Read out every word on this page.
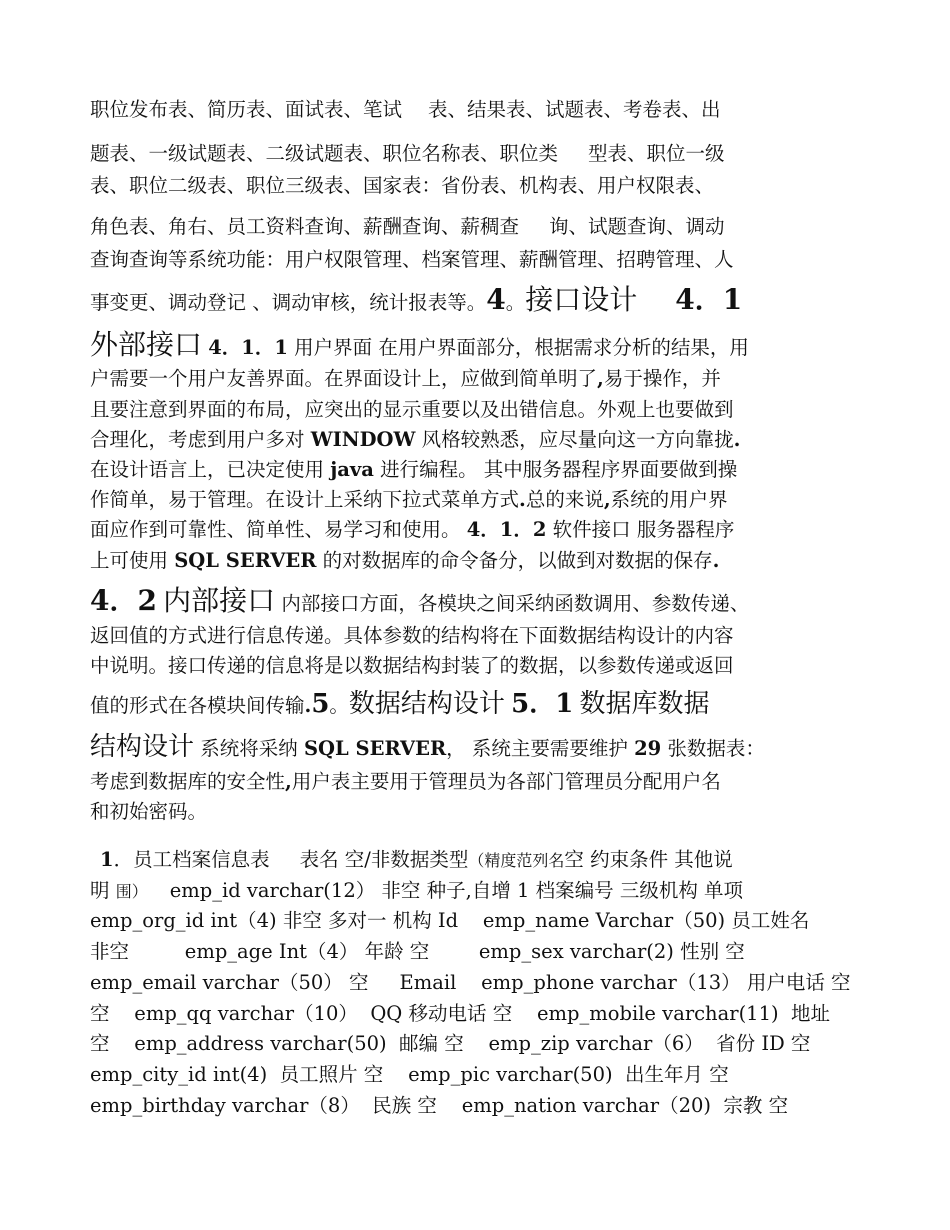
职位发布表、简历表、面试表、笔试 表、结果表、试题表、考卷表、出
题表、一级试题表、二级试题表、职位名称表、职位类 型表、职位一级
表、职位二级表、职位三级表、国家表：省份表、机构表、用户权限表、
角色表、角右、员工资料查询、薪酬查询、薪稠查 询、试题查询、调动
查询查询等系统功能：用户权限管理、档案管理、薪酬管理、招聘管理、人
事变更、调动登记 、调动审核，统计报表等。4。接口设计 4．1
外部接口 4．1．1 用户界面 在用户界面部分，根据需求分析的结果，用
户需要一个用户友善界面。在界面设计上，应做到简单明了,易于操作，并
且要注意到界面的布局，应突出的显示重要以及出错信息。外观上也要做到
合理化，考虑到用户多对 WINDOW 风格较熟悉，应尽量向这一方向靠拢.
在设计语言上，已决定使用 java 进行编程。 其中服务器程序界面要做到操
作简单，易于管理。在设计上采纳下拉式菜单方式.总的来说,系统的用户界
面应作到可靠性、简单性、易学习和使用。 4．1．2 软件接口 服务器程序
上可使用 SQL SERVER 的对数据库的命令备分，以做到对数据的保存.
4．2 内部接口 内部接口方面，各模块之间采纳函数调用、参数传递、
返回值的方式进行信息传递。具体参数的结构将在下面数据结构设计的内容
中说明。接口传递的信息将是以数据结构封装了的数据，以参数传递或返回
值的形式在各模块间传输.5。数据结构设计 5．1 数据库数据
结构设计 系统将采纳 SQL SERVER， 系统主要需要维护 29 张数据表：
考虑到数据库的安全性,用户表主要用于管理员为各部门管理员分配用户名
和初始密码。
1．员工档案信息表 表名 空/非数据类型（精度范列名空 约束条件 其他说
明 围） emp_id varchar(12） 非空 种子,自增 1 档案编号 三级机构 单项
emp_org_id int（4) 非空 多对一 机构 Id    emp_name Varchar（50) 员工姓名
非空         emp_age Int（4） 年龄 空        emp_sex varchar(2) 性别 空
emp_email varchar（50） 空     Email    emp_phone varchar（13） 用户电话 空
空    emp_qq varchar（10）  QQ 移动电话 空    emp_mobile varchar(11)  地址
空    emp_address varchar(50)  邮编 空    emp_zip varchar（6）  省份 ID 空
emp_city_id int(4)  员工照片 空    emp_pic varchar(50)  出生年月 空
emp_birthday varchar（8）  民族 空    emp_nation varchar（20)  宗教 空
